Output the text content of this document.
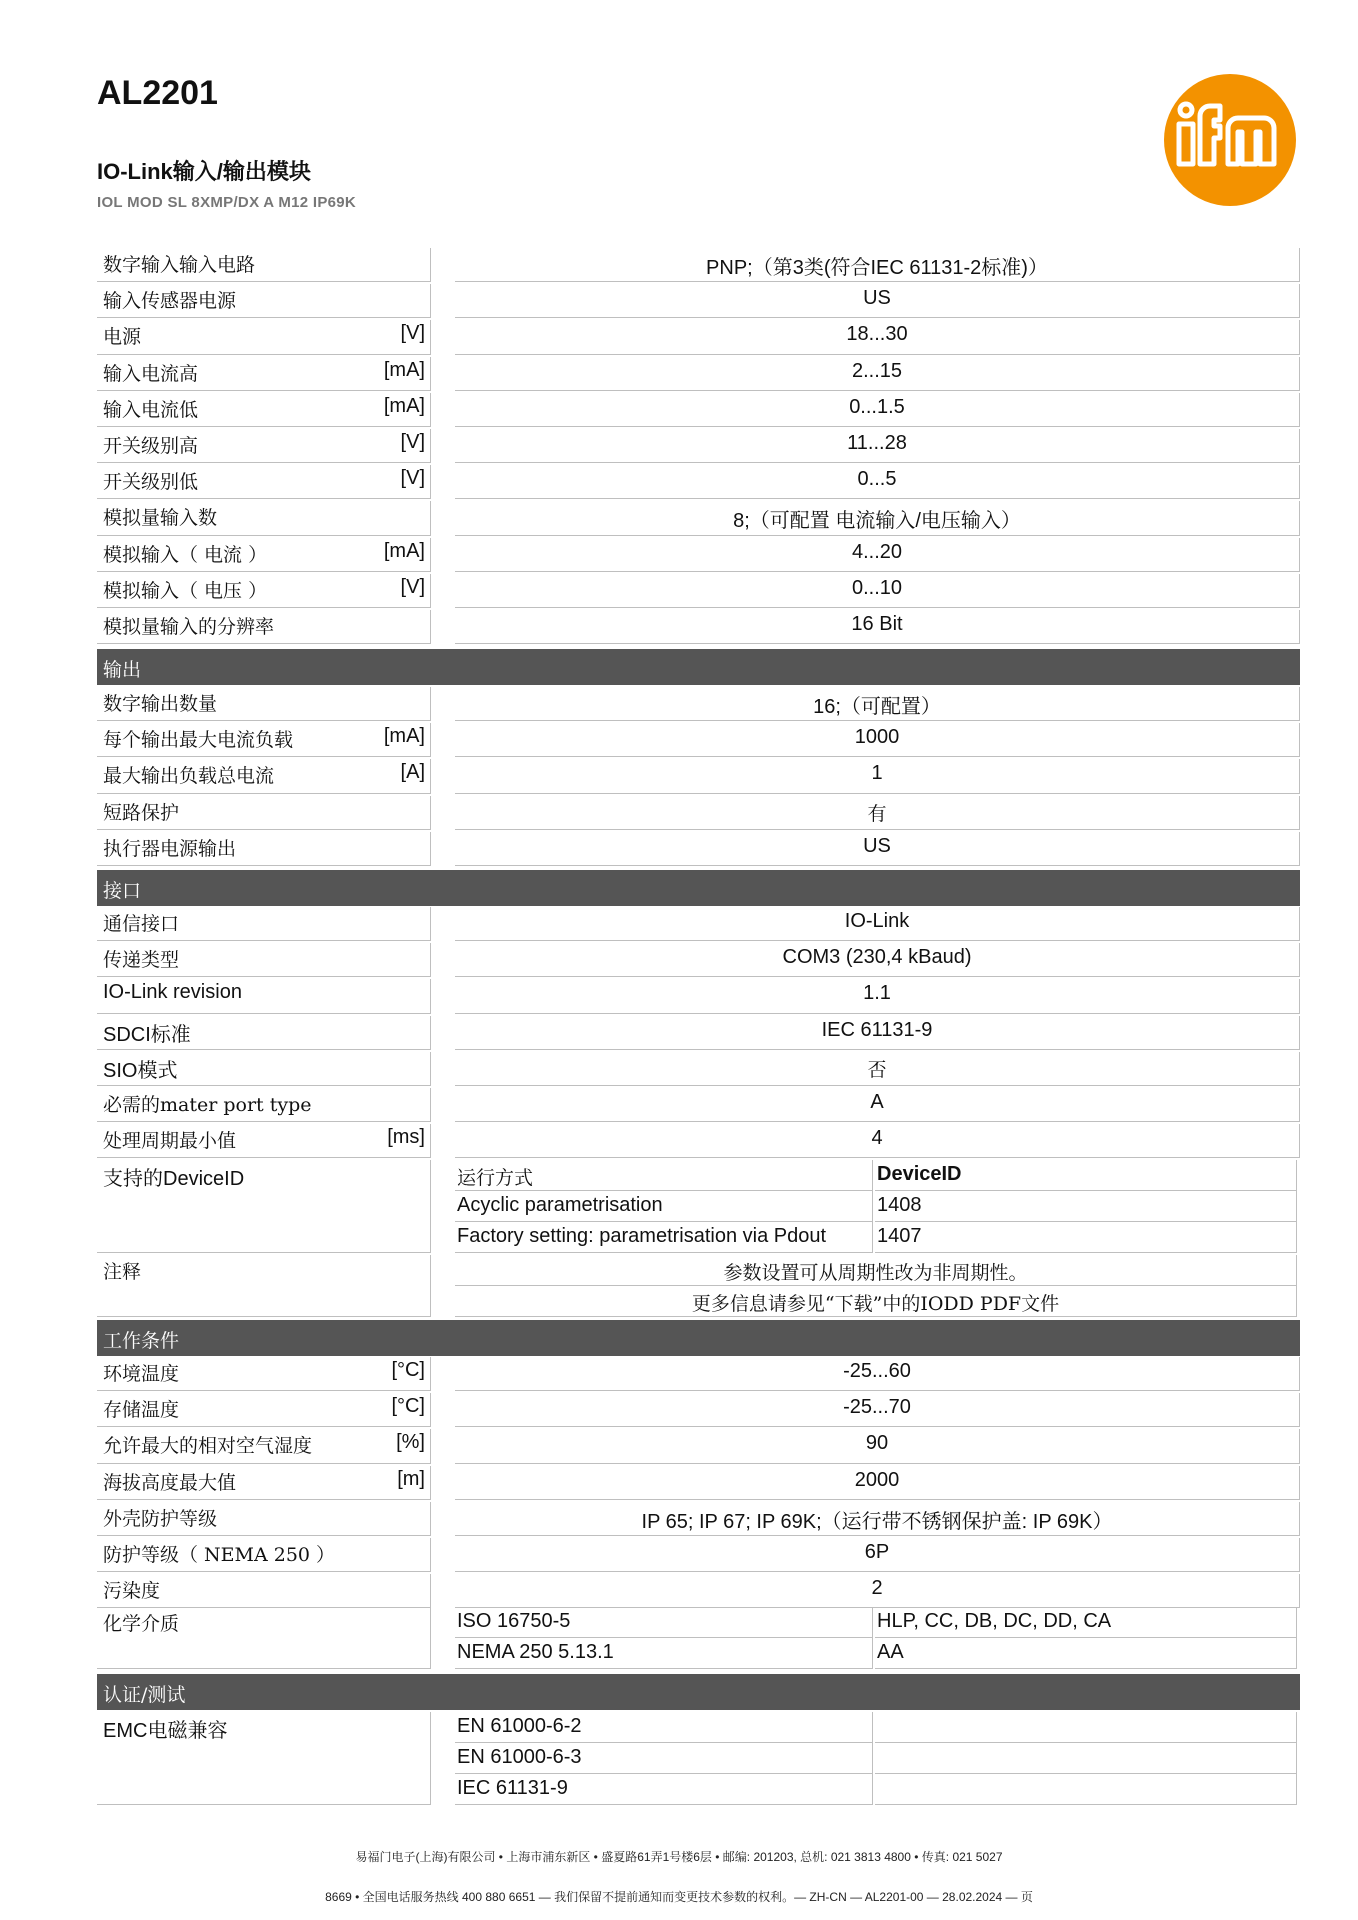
AL2201
IO-Link输入/输出模块
IOL MOD SL 8XMP/DX A M12 IP69K
数字输入输入电路	PNP;（第3类(符合IEC 61131-2标准)）
输入传感器电源	US
电源	[V]	18...30
输入电流高	[mA]	2...15
输入电流低	[mA]	0...1.5
开关级别高	[V]	11...28
开关级别低	[V]	0...5
模拟量输入数	8;（可配置 电流输入/电压输入）
模拟输入（ 电流 ）	[mA]	4...20
模拟输入（ 电压 ）	[V]	0...10
模拟量输入的分辨率	16 Bit
输出
数字输出数量	16;（可配置）
每个输出最大电流负载	[mA]	1000
最大输出负载总电流	[A]	1
短路保护	有
执行器电源输出	US
接口
通信接口	IO-Link
传递类型	COM3 (230,4 kBaud)
IO-Link revision	1.1
SDCI标准	IEC 61131-9
SIO模式	否
必需的mater port type	A
处理周期最小值	[ms]	4
支持的DeviceID	运行方式	DeviceID
Acyclic parametrisation	1408
Factory setting: parametrisation via Pdout	1407
注释	参数设置可从周期性改为非周期性。
更多信息请参见“下载”中的IODD PDF文件
工作条件
环境温度	[°C]	-25...60
存储温度	[°C]	-25...70
允许最大的相对空气湿度	[%]	90
海拔高度最大值	[m]	2000
外壳防护等级	IP 65; IP 67; IP 69K;（运行带不锈钢保护盖: IP 69K）
防护等级（ NEMA 250 ）	6P
污染度	2
化学介质	ISO 16750-5	HLP, CC, DB, DC, DD, CA
NEMA 250 5.13.1	AA
认证/测试
EMC电磁兼容	EN 61000-6-2
EN 61000-6-3
IEC 61131-9
易福门电子(上海)有限公司 • 上海市浦东新区 • 盛夏路61弄1号楼6层 • 邮编: 201203, 总机: 021 3813 4800 • 传真: 021 5027
8669 • 全国电话服务热线 400 880 6651 — 我们保留不提前通知而变更技术参数的权利。— ZH-CN — AL2201-00 — 28.02.2024 — 页
